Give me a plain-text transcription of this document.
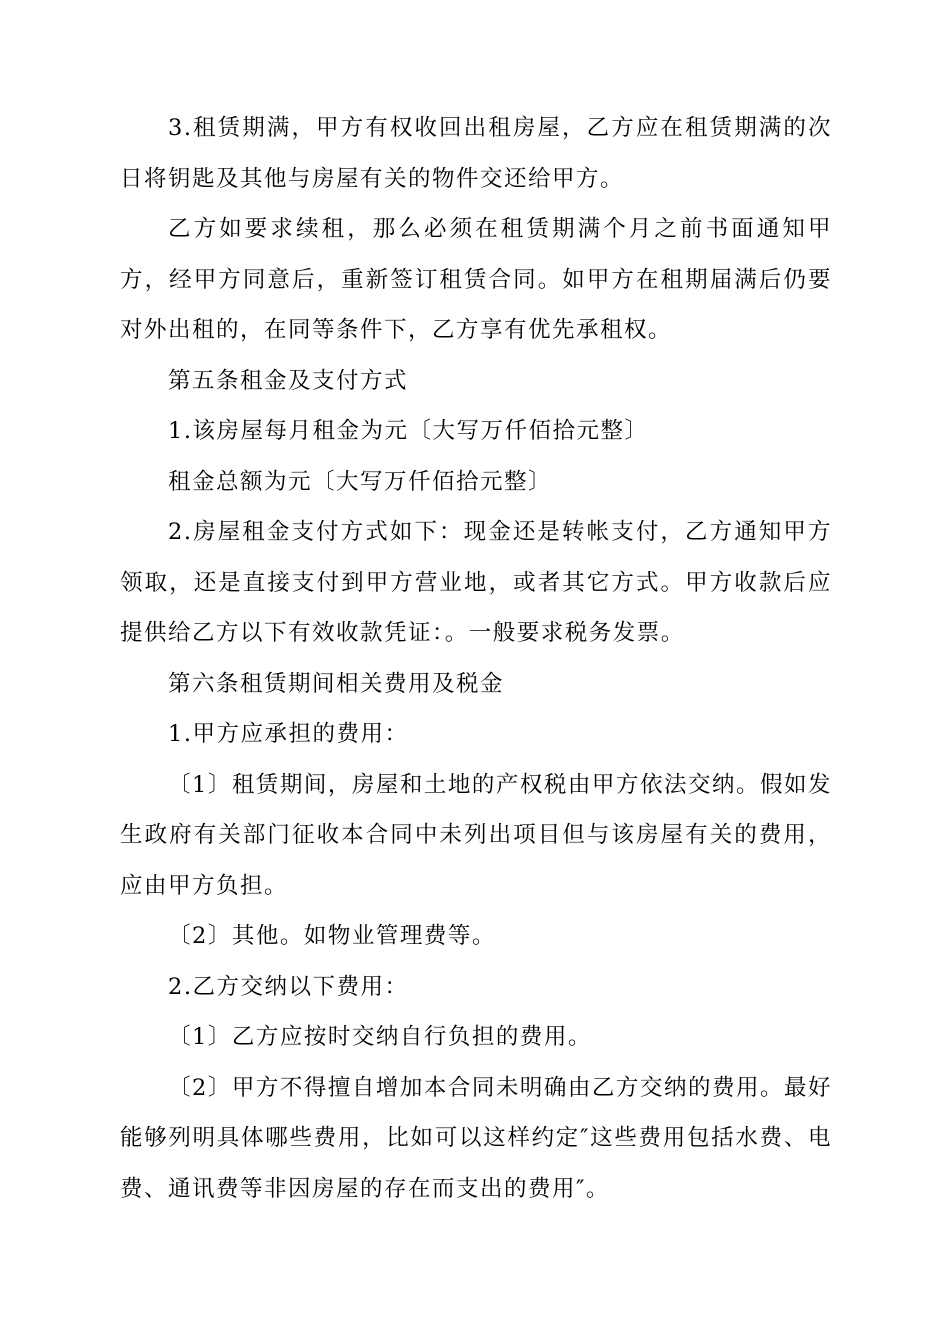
3.租赁期满，甲方有权收回出租房屋，乙方应在租赁期满的次日将钥匙及其他与房屋有关的物件交还给甲方。

乙方如要求续租，那么必须在租赁期满个月之前书面通知甲方，经甲方同意后，重新签订租赁合同。如甲方在租期届满后仍要对外出租的，在同等条件下，乙方享有优先承租权。

第五条租金及支付方式

1.该房屋每月租金为元〔大写万仟佰拾元整〕

租金总额为元〔大写万仟佰拾元整〕

2.房屋租金支付方式如下：现金还是转帐支付，乙方通知甲方领取，还是直接支付到甲方营业地，或者其它方式。甲方收款后应提供给乙方以下有效收款凭证：。一般要求税务发票。

第六条租赁期间相关费用及税金

1.甲方应承担的费用：

〔1〕租赁期间，房屋和土地的产权税由甲方依法交纳。假如发生政府有关部门征收本合同中未列出项目但与该房屋有关的费用，应由甲方负担。

〔2〕其他。如物业管理费等。

2.乙方交纳以下费用：

〔1〕乙方应按时交纳自行负担的费用。

〔2〕甲方不得擅自增加本合同未明确由乙方交纳的费用。最好能够列明具体哪些费用，比如可以这样约定″这些费用包括水费、电费、通讯费等非因房屋的存在而支出的费用″。
